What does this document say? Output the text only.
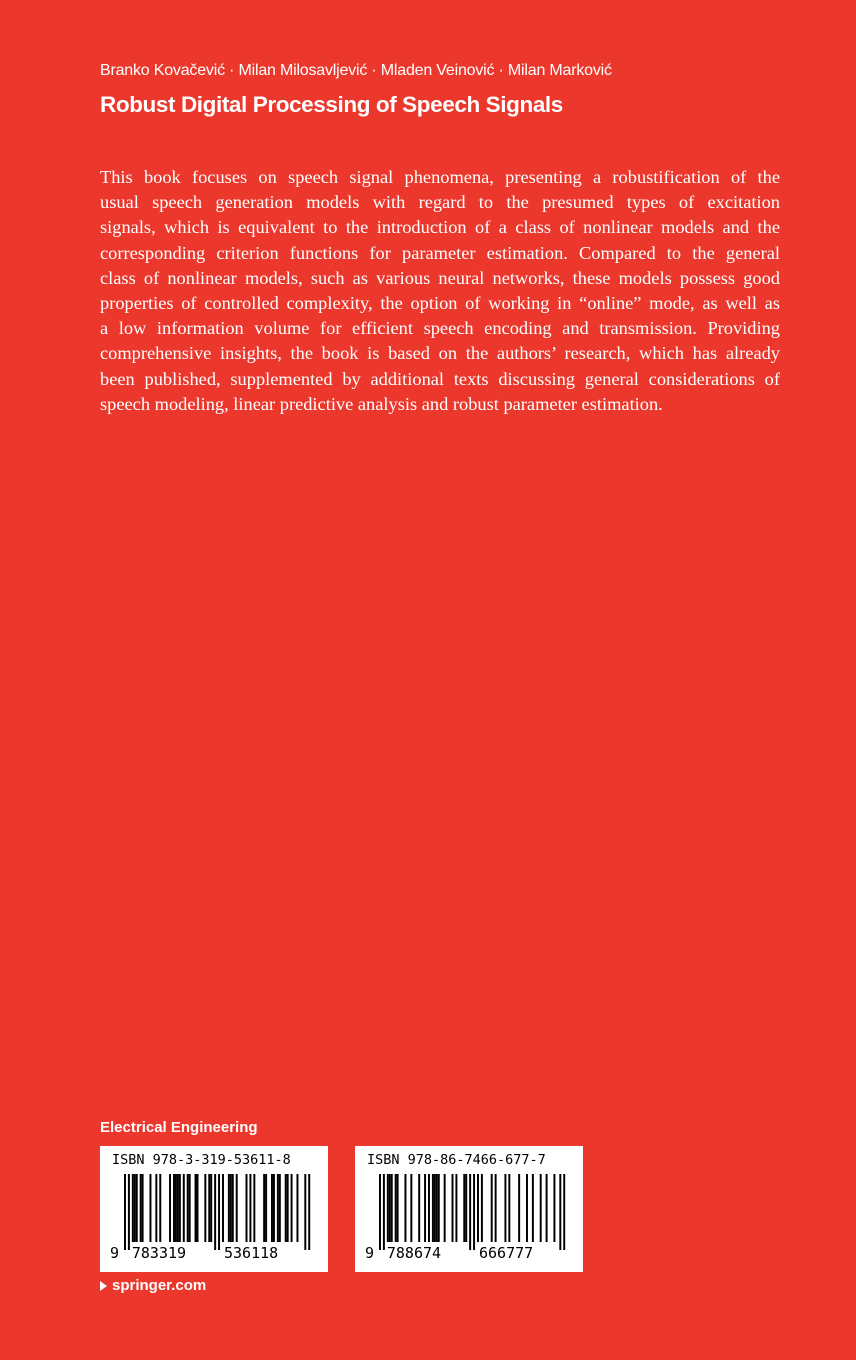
Branko Kovačević · Milan Milosavljević · Mladen Veinović · Milan Marković
Robust Digital Processing of Speech Signals

This book focuses on speech signal phenomena, presenting a robustification of the
usual speech generation models with regard to the presumed types of excitation
signals, which is equivalent to the introduction of a class of nonlinear models and the
corresponding criterion functions for parameter estimation. Compared to the general
class of nonlinear models, such as various neural networks, these models possess good
properties of controlled complexity, the option of working in “online” mode, as well as
a low information volume for efficient speech encoding and transmission. Providing
comprehensive insights, the book is based on the authors’ research, which has already
been published, supplemented by additional texts discussing general considerations of
speech modeling, linear predictive analysis and robust parameter estimation.

Electrical Engineering
ISBN 978-3-319-53611-8
9 783319	536118
ISBN 978-86-7466-677-7
9 788674	666777
springer.com
